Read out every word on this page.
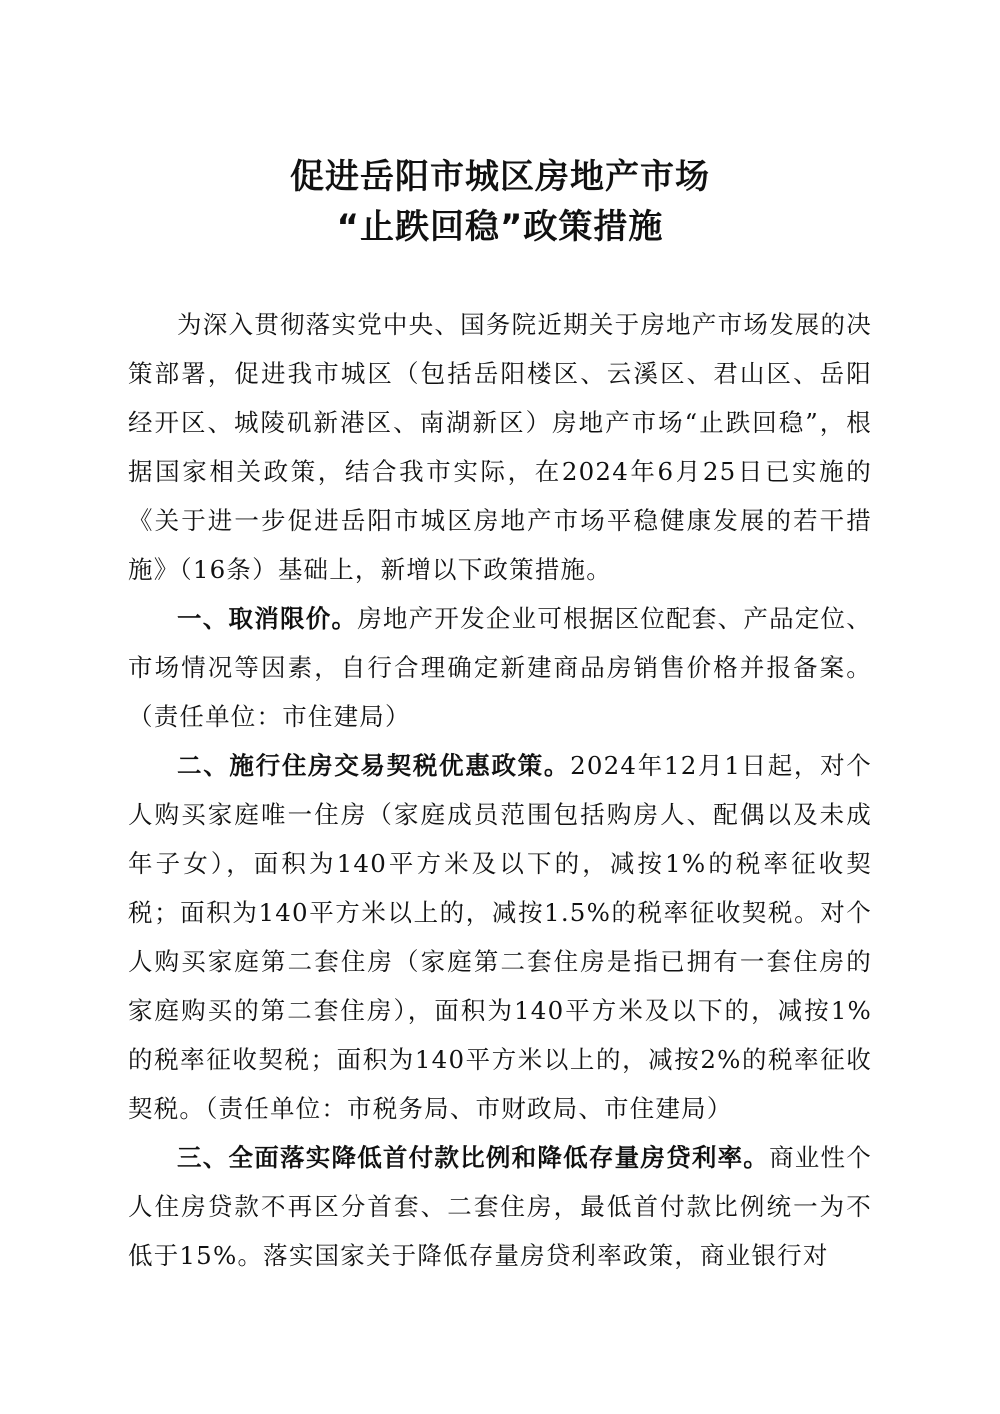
促进岳阳市城区房地产市场
“止跌回稳”政策措施

为深入贯彻落实党中央、国务院近期关于房地产市场发展的决策部署，促进我市城区（包括岳阳楼区、云溪区、君山区、岳阳经开区、城陵矶新港区、南湖新区）房地产市场“止跌回稳”，根据国家相关政策，结合我市实际，在2024年6月25日已实施的《关于进一步促进岳阳市城区房地产市场平稳健康发展的若干措施》（16条）基础上，新增以下政策措施。

一、取消限价。房地产开发企业可根据区位配套、产品定位、市场情况等因素，自行合理确定新建商品房销售价格并报备案。（责任单位：市住建局）

二、施行住房交易契税优惠政策。2024年12月1日起，对个人购买家庭唯一住房（家庭成员范围包括购房人、配偶以及未成年子女），面积为140平方米及以下的，减按1%的税率征收契税；面积为140平方米以上的，减按1.5%的税率征收契税。对个人购买家庭第二套住房（家庭第二套住房是指已拥有一套住房的家庭购买的第二套住房），面积为140平方米及以下的，减按1%的税率征收契税；面积为140平方米以上的，减按2%的税率征收契税。（责任单位：市税务局、市财政局、市住建局）

三、全面落实降低首付款比例和降低存量房贷利率。商业性个人住房贷款不再区分首套、二套住房，最低首付款比例统一为不低于15%。落实国家关于降低存量房贷利率政策，商业银行对
